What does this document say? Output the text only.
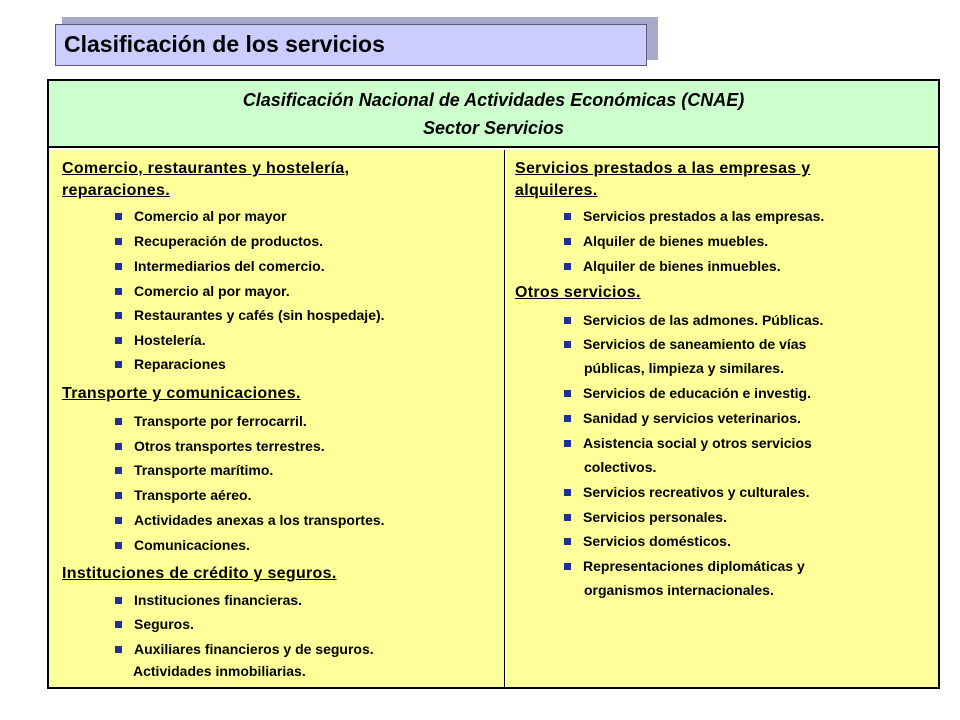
Clasificación de los servicios
Clasificación Nacional de Actividades Económicas (CNAE)
Sector Servicios
Comercio, restaurantes y hostelería,
reparaciones.
Comercio al por mayor
Recuperación de productos.
Intermediarios del comercio.
Comercio al por mayor.
Restaurantes y cafés (sin hospedaje).
Hostelería.
Reparaciones
Transporte y comunicaciones.
Transporte por ferrocarril.
Otros transportes terrestres.
Transporte marítimo.
Transporte aéreo.
Actividades anexas a los transportes.
Comunicaciones.
Instituciones de crédito y seguros.
Instituciones financieras.
Seguros.
Auxiliares financieros y de seguros.
Actividades inmobiliarias.
Servicios prestados a las empresas y
alquileres.
Servicios prestados a las empresas.
Alquiler de bienes muebles.
Alquiler de bienes inmuebles.
Otros servicios.
Servicios de las admones. Públicas.
Servicios de saneamiento de vías
públicas, limpieza y similares.
Servicios de educación e investig.
Sanidad y servicios veterinarios.
Asistencia social y otros servicios
colectivos.
Servicios recreativos y culturales.
Servicios personales.
Servicios domésticos.
Representaciones diplomáticas y
organismos internacionales.
